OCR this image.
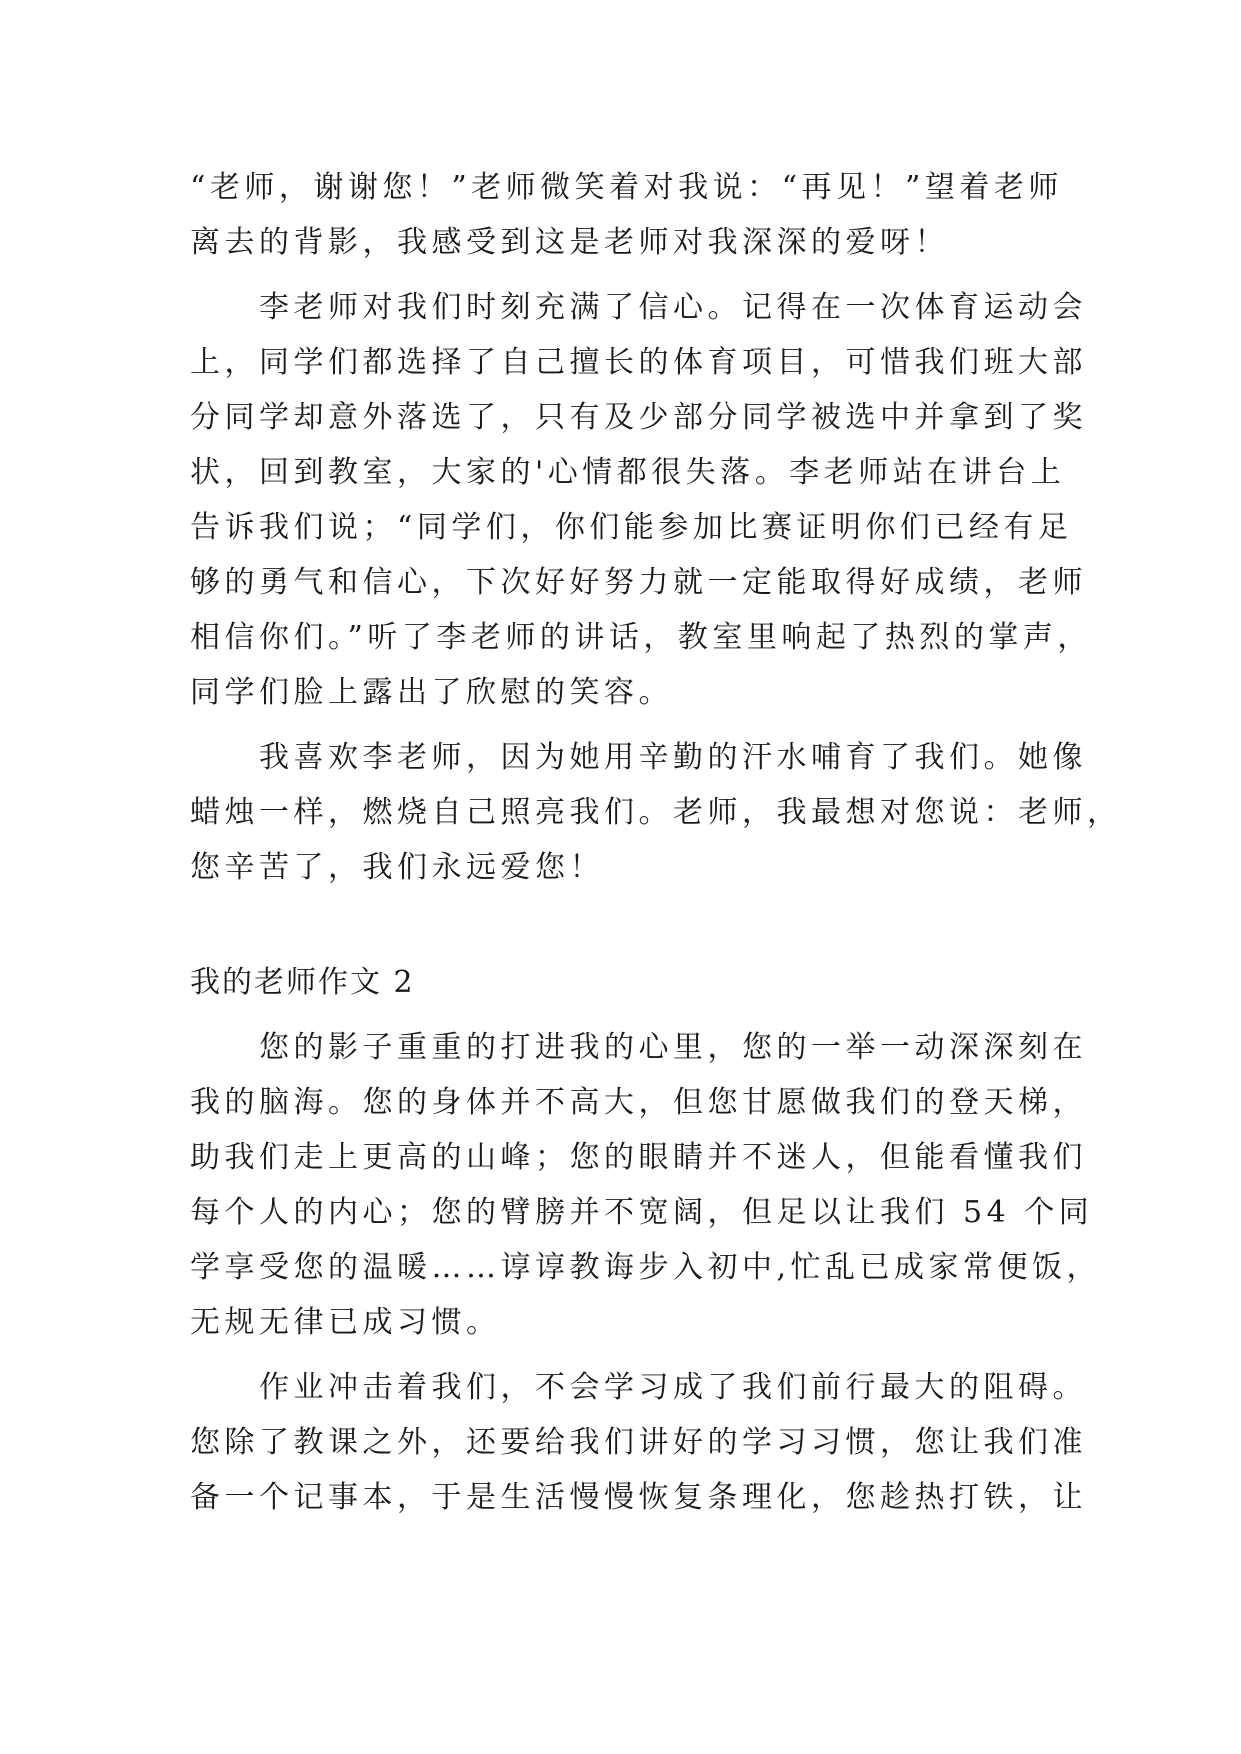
“老师，谢谢您！”老师微笑着对我说：“再见！”望着老师
离去的背影，我感受到这是老师对我深深的爱呀！
　　李老师对我们时刻充满了信心。记得在一次体育运动会
上，同学们都选择了自己擅长的体育项目，可惜我们班大部
分同学却意外落选了，只有及少部分同学被选中并拿到了奖
状，回到教室，大家的'心情都很失落。李老师站在讲台上
告诉我们说；“同学们，你们能参加比赛证明你们已经有足
够的勇气和信心，下次好好努力就一定能取得好成绩，老师
相信你们。”听了李老师的讲话，教室里响起了热烈的掌声，
同学们脸上露出了欣慰的笑容。
　　我喜欢李老师，因为她用辛勤的汗水哺育了我们。她像
蜡烛一样，燃烧自己照亮我们。老师，我最想对您说：老师，
您辛苦了，我们永远爱您！
我的老师作文 2
　　您的影子重重的打进我的心里，您的一举一动深深刻在
我的脑海。您的身体并不高大，但您甘愿做我们的登天梯，
助我们走上更高的山峰；您的眼睛并不迷人，但能看懂我们
每个人的内心；您的臂膀并不宽阔，但足以让我们 54 个同
学享受您的温暖……谆谆教诲步入初中,忙乱已成家常便饭，
无规无律已成习惯。
　　作业冲击着我们，不会学习成了我们前行最大的阻碍。
您除了教课之外，还要给我们讲好的学习习惯，您让我们准
备一个记事本，于是生活慢慢恢复条理化，您趁热打铁，让
